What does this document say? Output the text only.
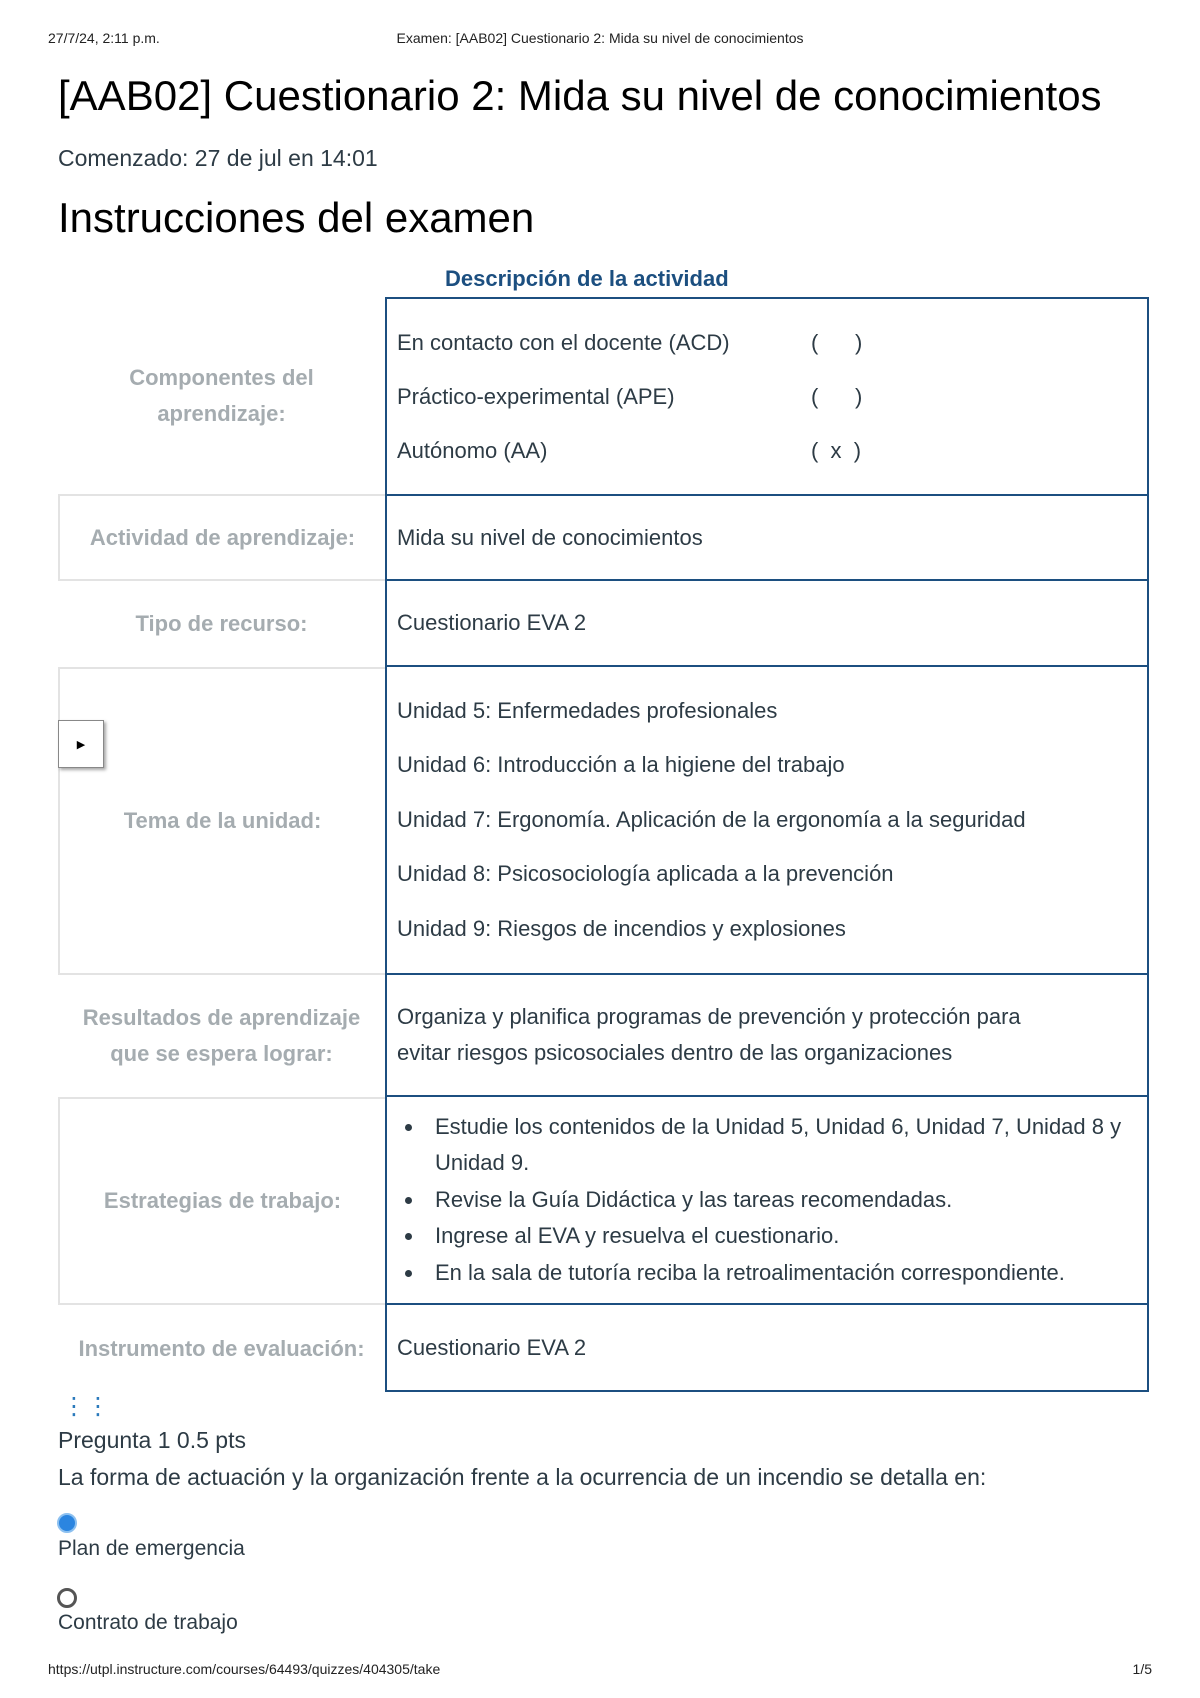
27/7/24, 2:11 p.m.	Examen: [AAB02] Cuestionario 2: Mida su nivel de conocimientos
[AAB02] Cuestionario 2: Mida su nivel de conocimientos
Comenzado: 27 de jul en 14:01
Instrucciones del examen
Descripción de la actividad
Componentes del aprendizaje:
En contacto con el docente (ACD)	(      )
Práctico-experimental (APE)	(      )
Autónomo (AA)	(  x  )
Actividad de aprendizaje:	Mida su nivel de conocimientos
Tipo de recurso:	Cuestionario EVA 2
Tema de la unidad:
Unidad 5: Enfermedades profesionales
Unidad 6: Introducción a la higiene del trabajo
Unidad 7: Ergonomía. Aplicación de la ergonomía a la seguridad
Unidad 8: Psicosociología aplicada a la prevención
Unidad 9: Riesgos de incendios y explosiones
▶
Resultados de aprendizaje
que se espera lograr:
Organiza y planifica programas de prevención y protección para
evitar riesgos psicosociales dentro de las organizaciones
Estrategias de trabajo:
• Estudie los contenidos de la Unidad 5, Unidad 6, Unidad 7, Unidad 8 y Unidad 9.
• Revise la Guía Didáctica y las tareas recomendadas.
• Ingrese al EVA y resuelva el cuestionario.
• En la sala de tutoría reciba la retroalimentación correspondiente.
Instrumento de evaluación:	Cuestionario EVA 2
⋮⋮
Pregunta 1 0.5 pts
La forma de actuación y la organización frente a la ocurrencia de un incendio se detalla en:
Plan de emergencia
Contrato de trabajo
https://utpl.instructure.com/courses/64493/quizzes/404305/take	1/5
